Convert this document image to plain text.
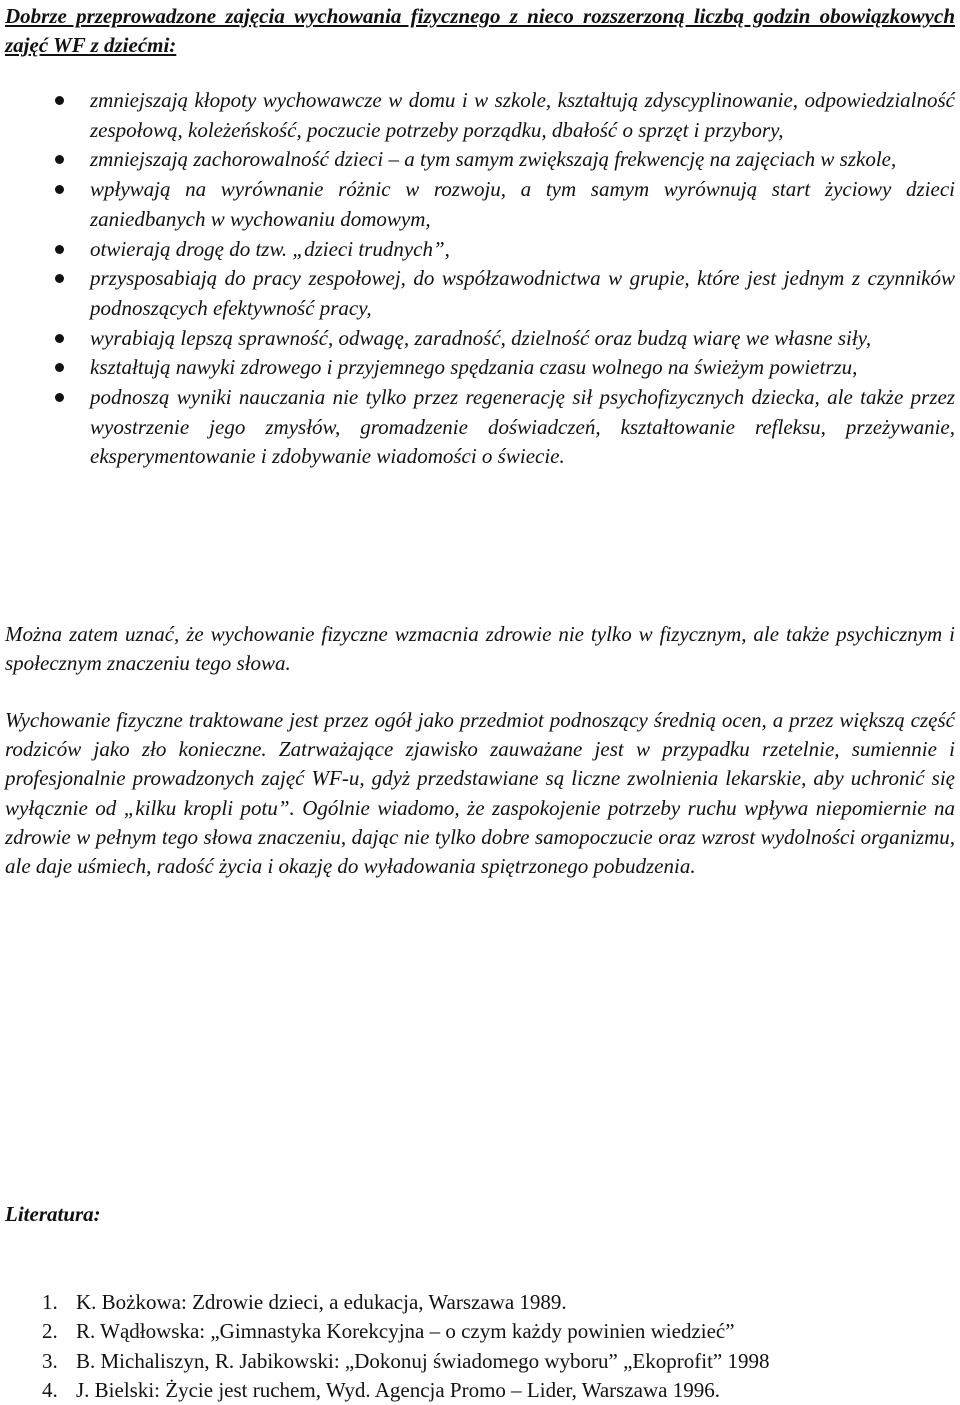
Dobrze przeprowadzone zajęcia wychowania fizycznego z nieco rozszerzoną liczbą godzin obowiązkowych zajęć WF z dziećmi:

zmniejszają kłopoty wychowawcze w domu i w szkole, kształtują zdyscyplinowanie, odpowiedzialność zespołową, koleżeńskość, poczucie potrzeby porządku, dbałość o sprzęt i przybory,
zmniejszają zachorowalność dzieci – a tym samym zwiększają frekwencję na zajęciach w szkole,
wpływają na wyrównanie różnic w rozwoju, a tym samym wyrównują start życiowy dzieci zaniedbanych w wychowaniu domowym,
otwierają drogę do tzw. „dzieci trudnych”,
przysposabiają do pracy zespołowej, do współzawodnictwa w grupie, które jest jednym z czynników podnoszących efektywność pracy,
wyrabiają lepszą sprawność, odwagę, zaradność, dzielność oraz budzą wiarę we własne siły,
kształtują nawyki zdrowego i przyjemnego spędzania czasu wolnego na świeżym powietrzu,
podnoszą wyniki nauczania nie tylko przez regenerację sił psychofizycznych dziecka, ale także przez wyostrzenie jego zmysłów, gromadzenie doświadczeń, kształtowanie refleksu, przeżywanie, eksperymentowanie i zdobywanie wiadomości o świecie.

Można zatem uznać, że wychowanie fizyczne wzmacnia zdrowie nie tylko w fizycznym, ale także psychicznym i społecznym znaczeniu tego słowa.

Wychowanie fizyczne traktowane jest przez ogół jako przedmiot podnoszący średnią ocen, a przez większą część rodziców jako zło konieczne. Zatrważające zjawisko zauważane jest w przypadku rzetelnie, sumiennie i profesjonalnie prowadzonych zajęć WF-u, gdyż przedstawiane są liczne zwolnienia lekarskie, aby uchronić się wyłącznie od „kilku kropli potu”. Ogólnie wiadomo, że zaspokojenie potrzeby ruchu wpływa niepomiernie na zdrowie w pełnym tego słowa znaczeniu, dając nie tylko dobre samopoczucie oraz wzrost wydolności organizmu, ale daje uśmiech, radość życia i okazję do wyładowania spiętrzonego pobudzenia.

Literatura:

1. K. Bożkowa: Zdrowie dzieci, a edukacja, Warszawa 1989.
2. R. Wądłowska: „Gimnastyka Korekcyjna – o czym każdy powinien wiedzieć”
3. B. Michaliszyn, R. Jabikowski: „Dokonuj świadomego wyboru” „Ekoprofit” 1998
4. J. Bielski: Życie jest ruchem, Wyd. Agencja Promo – Lider, Warszawa 1996.
